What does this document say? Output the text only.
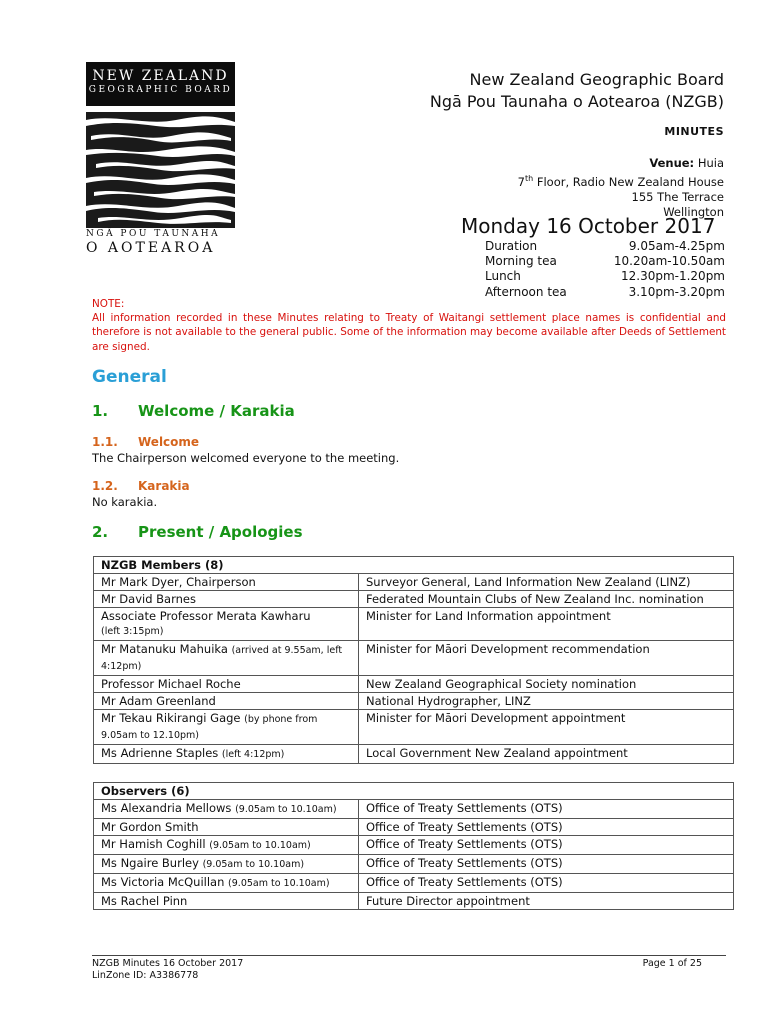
NEW ZEALAND
GEOGRAPHIC BOARD
NGĀ POU TAUNAHA
O AOTEAROA
New Zealand Geographic Board
Ngā Pou Taunaha o Aotearoa (NZGB)
MINUTES
Venue: Huia
7th Floor, Radio New Zealand House
155 The Terrace
Wellington
Monday 16 October 2017
Duration	9.05am-4.25pm
Morning tea	10.20am-10.50am
Lunch	12.30pm-1.20pm
Afternoon tea	3.10pm-3.20pm
NOTE:
All information recorded in these Minutes relating to Treaty of Waitangi settlement place names is confidential and therefore is not available to the general public. Some of the information may become available after Deeds of Settlement are signed.
General
1. Welcome / Karakia
1.1. Welcome
The Chairperson welcomed everyone to the meeting.
1.2. Karakia
No karakia.
2. Present / Apologies
NZGB Members (8)	
Mr Mark Dyer, Chairperson	Surveyor General, Land Information New Zealand (LINZ)
Mr David Barnes	Federated Mountain Clubs of New Zealand Inc. nomination
Associate Professor Merata Kawharu
(left 3:15pm)	Minister for Land Information appointment
Mr Matanuku Mahuika (arrived at 9.55am, left 4:12pm)	Minister for Māori Development recommendation
Professor Michael Roche	New Zealand Geographical Society nomination
Mr Adam Greenland	National Hydrographer, LINZ
Mr Tekau Rikirangi Gage (by phone from 9.05am to 12.10pm)	Minister for Māori Development appointment
Ms Adrienne Staples (left 4:12pm)	Local Government New Zealand appointment
Observers (6)	
Ms Alexandria Mellows (9.05am to 10.10am)	Office of Treaty Settlements (OTS)
Mr Gordon Smith	Office of Treaty Settlements (OTS)
Mr Hamish Coghill (9.05am to 10.10am)	Office of Treaty Settlements (OTS)
Ms Ngaire Burley (9.05am to 10.10am)	Office of Treaty Settlements (OTS)
Ms Victoria McQuillan (9.05am to 10.10am)	Office of Treaty Settlements (OTS)
Ms Rachel Pinn	Future Director appointment
NZGB Minutes 16 October 2017
LinZone ID: A3386778
Page 1 of 25
